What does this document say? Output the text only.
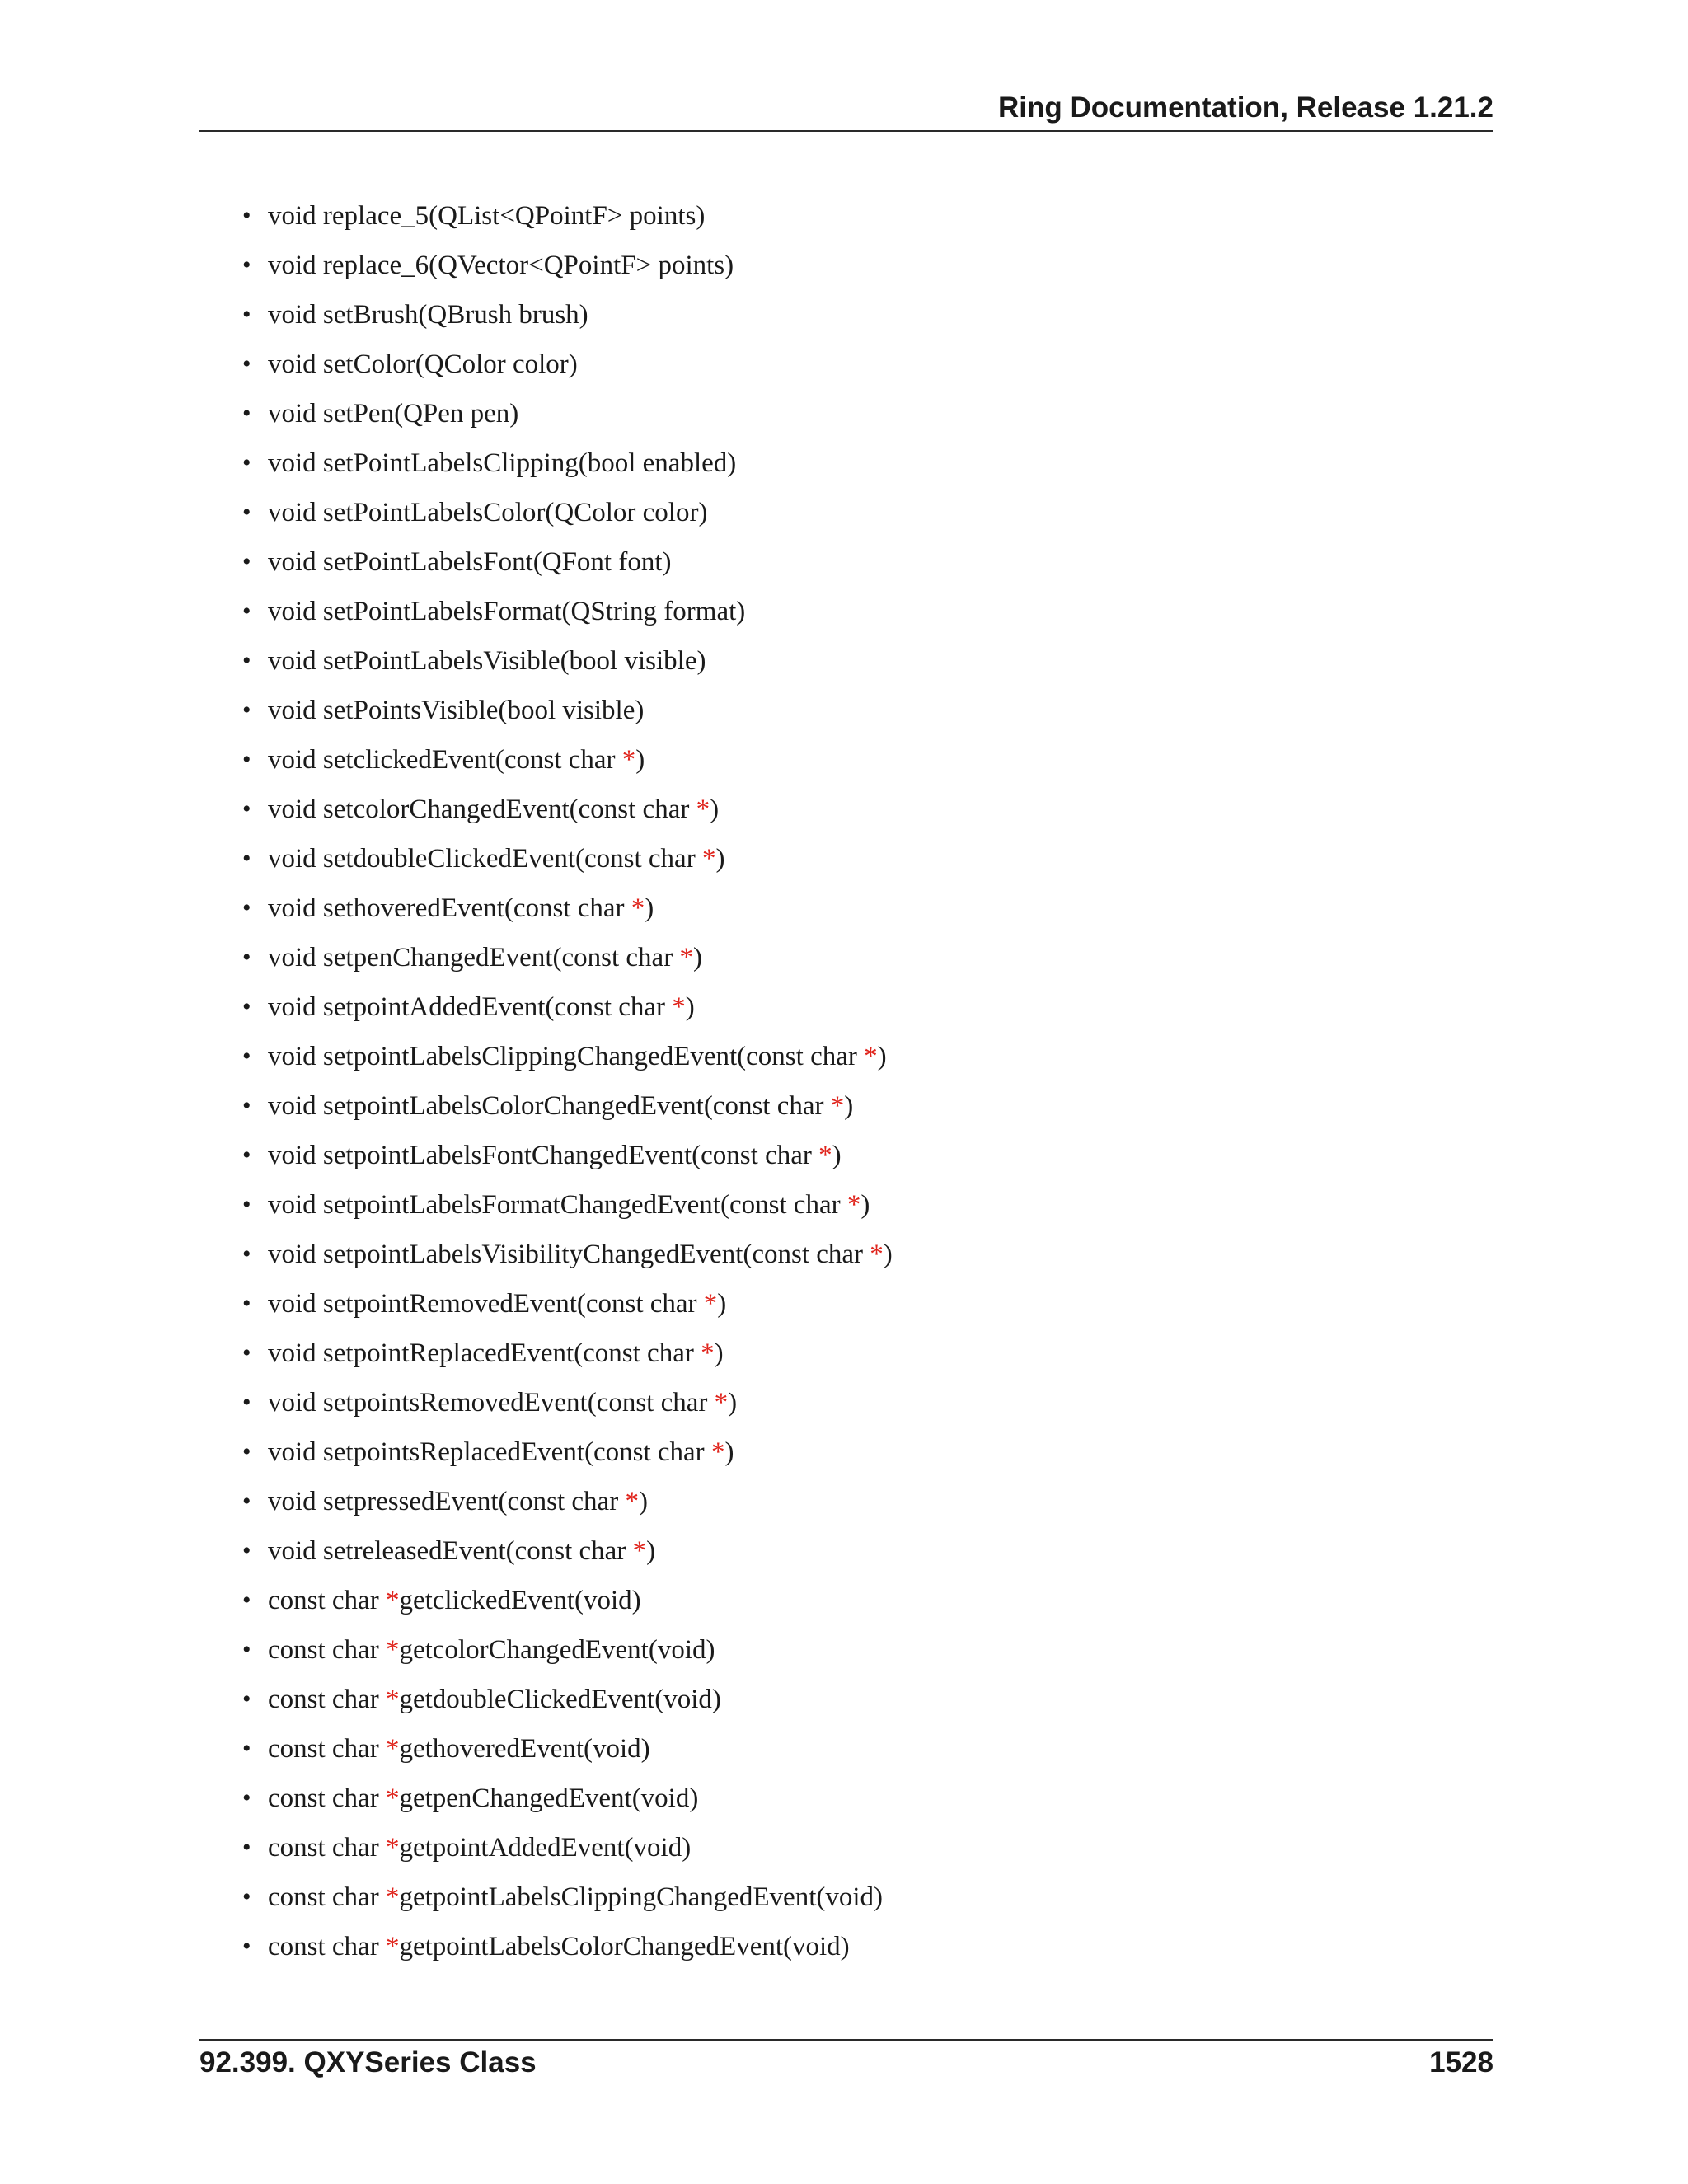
Ring Documentation, Release 1.21.2
• void replace_5(QList<QPointF> points)
• void replace_6(QVector<QPointF> points)
• void setBrush(QBrush brush)
• void setColor(QColor color)
• void setPen(QPen pen)
• void setPointLabelsClipping(bool enabled)
• void setPointLabelsColor(QColor color)
• void setPointLabelsFont(QFont font)
• void setPointLabelsFormat(QString format)
• void setPointLabelsVisible(bool visible)
• void setPointsVisible(bool visible)
• void setclickedEvent(const char *)
• void setcolorChangedEvent(const char *)
• void setdoubleClickedEvent(const char *)
• void sethoveredEvent(const char *)
• void setpenChangedEvent(const char *)
• void setpointAddedEvent(const char *)
• void setpointLabelsClippingChangedEvent(const char *)
• void setpointLabelsColorChangedEvent(const char *)
• void setpointLabelsFontChangedEvent(const char *)
• void setpointLabelsFormatChangedEvent(const char *)
• void setpointLabelsVisibilityChangedEvent(const char *)
• void setpointRemovedEvent(const char *)
• void setpointReplacedEvent(const char *)
• void setpointsRemovedEvent(const char *)
• void setpointsReplacedEvent(const char *)
• void setpressedEvent(const char *)
• void setreleasedEvent(const char *)
• const char *getclickedEvent(void)
• const char *getcolorChangedEvent(void)
• const char *getdoubleClickedEvent(void)
• const char *gethoveredEvent(void)
• const char *getpenChangedEvent(void)
• const char *getpointAddedEvent(void)
• const char *getpointLabelsClippingChangedEvent(void)
• const char *getpointLabelsColorChangedEvent(void)
92.399. QXYSeries Class	1528
